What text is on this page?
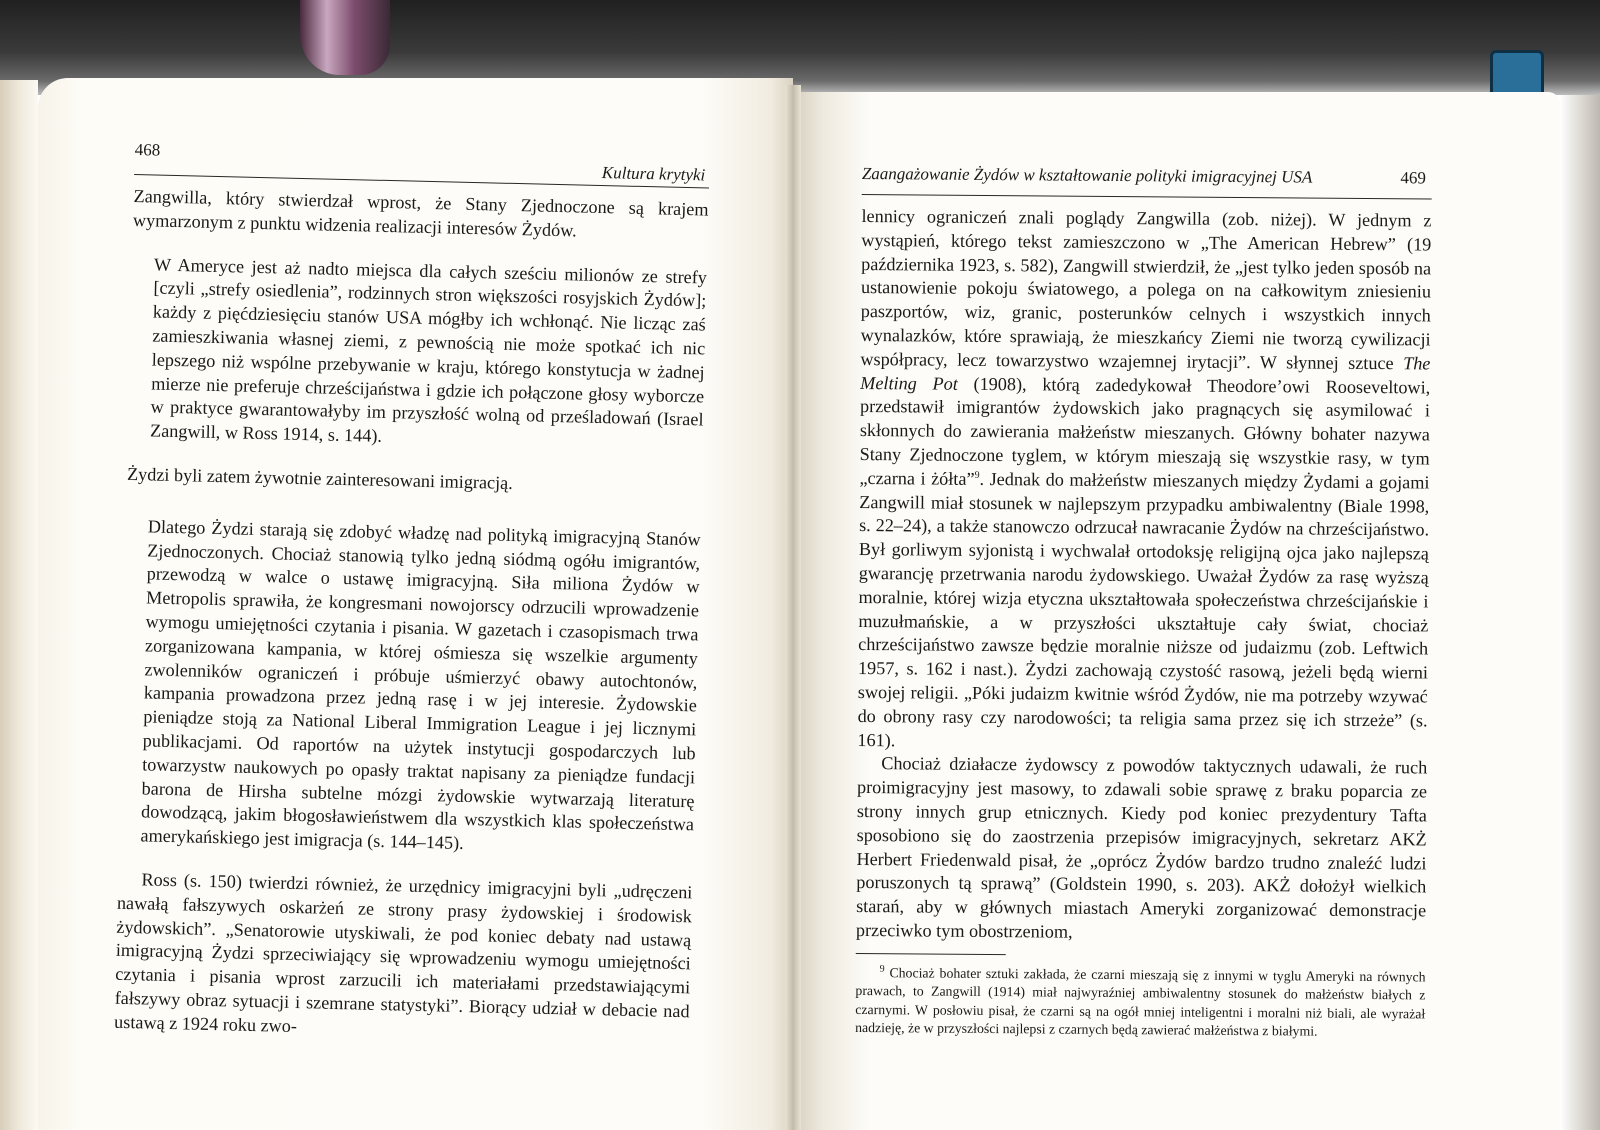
468
Kultura krytyki

Zangwilla, który stwierdzał wprost, że Stany Zjednoczone są krajem wymarzonym z punktu widzenia realizacji interesów Żydów.

W Ameryce jest aż nadto miejsca dla całych sześciu milionów ze strefy [czyli „strefy osiedlenia”, rodzinnych stron większości rosyjskich Żydów]; każdy z pięćdziesięciu stanów USA mógłby ich wchłonąć. Nie licząc zaś zamieszkiwania własnej ziemi, z pewnością nie może spotkać ich nic lepszego niż wspólne przebywanie w kraju, którego konstytucja w żadnej mierze nie preferuje chrześcijaństwa i gdzie ich połączone głosy wyborcze w praktyce gwarantowałyby im przyszłość wolną od prześladowań (Israel Zangwill, w Ross 1914, s. 144).

Żydzi byli zatem żywotnie zainteresowani imigracją.

Dlatego Żydzi starają się zdobyć władzę nad polityką imigracyjną Stanów Zjednoczonych. Chociaż stanowią tylko jedną siódmą ogółu imigrantów, przewodzą w walce o ustawę imigracyjną. Siła miliona Żydów w Metropolis sprawiła, że kongresmani nowojorscy odrzucili wprowadzenie wymogu umiejętności czytania i pisania. W gazetach i czasopismach trwa zorganizowana kampania, w której ośmiesza się wszelkie argumenty zwolenników ograniczeń i próbuje uśmierzyć obawy autochtonów, kampania prowadzona przez jedną rasę i w jej interesie. Żydowskie pieniądze stoją za National Liberal Immigration League i jej licznymi publikacjami. Od raportów na użytek instytucji gospodarczych lub towarzystw naukowych po opasły traktat napisany za pieniądze fundacji barona de Hirsha subtelne mózgi żydowskie wytwarzają literaturę dowodzącą, jakim błogosławieństwem dla wszystkich klas społeczeństwa amerykańskiego jest imigracja (s. 144–145).

Ross (s. 150) twierdzi również, że urzędnicy imigracyjni byli „udręczeni nawałą fałszywych oskarżeń ze strony prasy żydowskiej i środowisk żydowskich”. „Senatorowie utyskiwali, że pod koniec debaty nad ustawą imigracyjną Żydzi sprzeciwiający się wprowadzeniu wymogu umiejętności czytania i pisania wprost zarzucili ich materiałami przedstawiającymi fałszywy obraz sytuacji i szemrane statystyki”. Biorący udział w debacie nad ustawą z 1924 roku zwo-

Zaangażowanie Żydów w kształtowanie polityki imigracyjnej USA	469

lennicy ograniczeń znali poglądy Zangwilla (zob. niżej). W jednym z wystąpień, którego tekst zamieszczono w „The American Hebrew” (19 października 1923, s. 582), Zangwill stwierdził, że „jest tylko jeden sposób na ustanowienie pokoju światowego, a polega on na całkowitym zniesieniu paszportów, wiz, granic, posterunków celnych i wszystkich innych wynalazków, które sprawiają, że mieszkańcy Ziemi nie tworzą cywilizacji współpracy, lecz towarzystwo wzajemnej irytacji”. W słynnej sztuce The Melting Pot (1908), którą zadedykował Theodore’owi Rooseveltowi, przedstawił imigrantów żydowskich jako pragnących się asymilować i skłonnych do zawierania małżeństw mieszanych. Główny bohater nazywa Stany Zjednoczone tyglem, w którym mieszają się wszystkie rasy, w tym „czarna i żółta”$^9$. Jednak do małżeństw mieszanych między Żydami a gojami Zangwill miał stosunek w najlepszym przypadku ambiwalentny (Biale 1998, s. 22–24), a także stanowczo odrzucał nawracanie Żydów na chrześcijaństwo. Był gorliwym syjonistą i wychwalał ortodoksję religijną ojca jako najlepszą gwarancję przetrwania narodu żydowskiego. Uważał Żydów za rasę wyższą moralnie, której wizja etyczna ukształtowała społeczeństwa chrześcijańskie i muzułmańskie, a w przyszłości ukształtuje cały świat, chociaż chrześcijaństwo zawsze będzie moralnie niższe od judaizmu (zob. Leftwich 1957, s. 162 i nast.). Żydzi zachowają czystość rasową, jeżeli będą wierni swojej religii. „Póki judaizm kwitnie wśród Żydów, nie ma potrzeby wzywać do obrony rasy czy narodowości; ta religia sama przez się ich strzeże” (s. 161).

Chociaż działacze żydowscy z powodów taktycznych udawali, że ruch proimigracyjny jest masowy, to zdawali sobie sprawę z braku poparcia ze strony innych grup etnicznych. Kiedy pod koniec prezydentury Tafta sposobiono się do zaostrzenia przepisów imigracyjnych, sekretarz AKŻ Herbert Friedenwald pisał, że „oprócz Żydów bardzo trudno znaleźć ludzi poruszonych tą sprawą” (Goldstein 1990, s. 203). AKŻ dołożył wielkich starań, aby w głównych miastach Ameryki zorganizować demonstracje przeciwko tym obostrzeniom,

$^9$ Chociaż bohater sztuki zakłada, że czarni mieszają się z innymi w tyglu Ameryki na równych prawach, to Zangwill (1914) miał najwyraźniej ambiwalentny stosunek do małżeństw białych z czarnymi. W posłowiu pisał, że czarni są na ogół mniej inteligentni i moralni niż biali, ale wyrażał nadzieję, że w przyszłości najlepsi z czarnych będą zawierać małżeństwa z białymi.
